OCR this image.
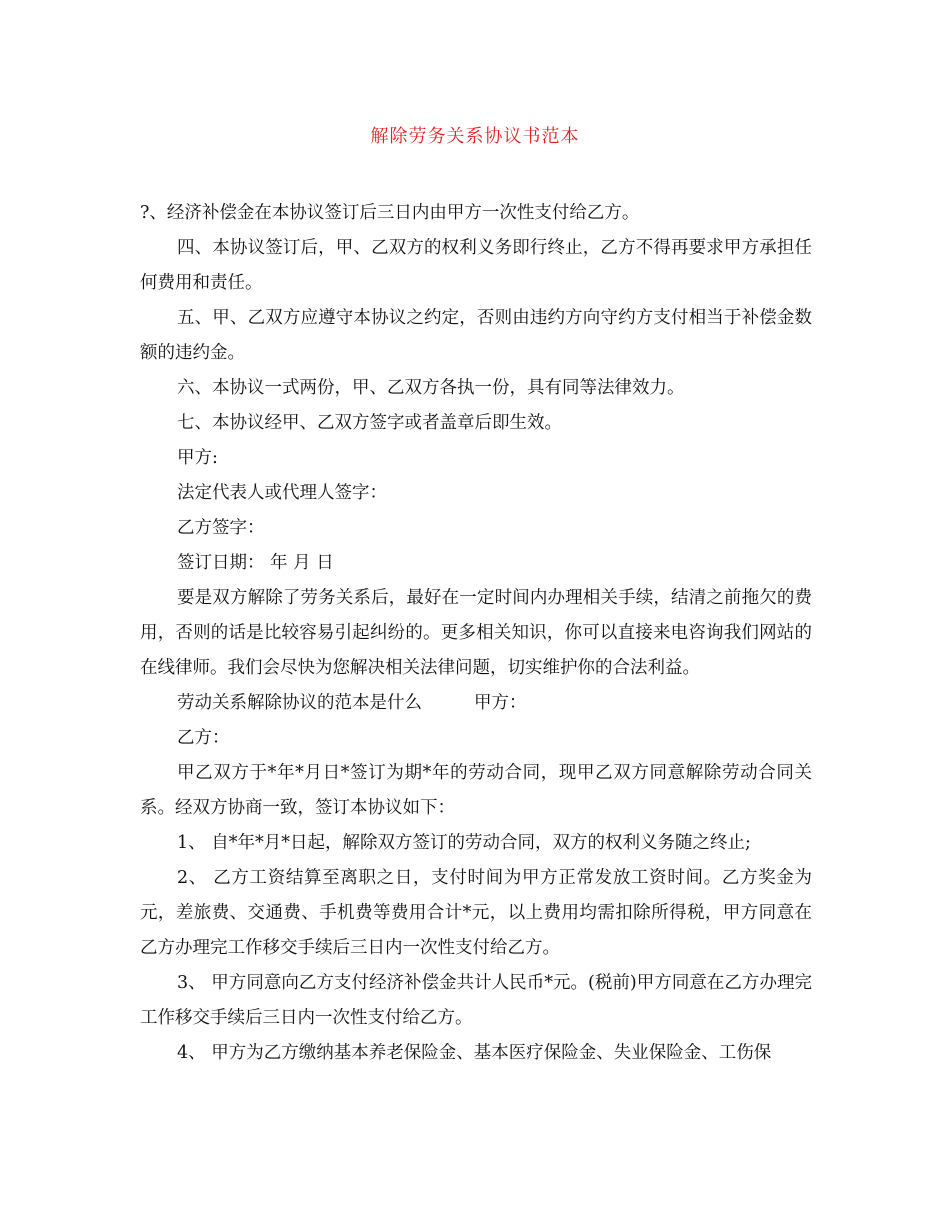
解除劳务关系协议书范本

?、经济补偿金在本协议签订后三日内由甲方一次性支付给乙方。

四、本协议签订后，甲、乙双方的权利义务即行终止，乙方不得再要求甲方承担任何费用和责任。

五、甲、乙双方应遵守本协议之约定，否则由违约方向守约方支付相当于补偿金数额的违约金。

六、本协议一式两份，甲、乙双方各执一份，具有同等法律效力。

七、本协议经甲、乙双方签字或者盖章后即生效。

甲方:

法定代表人或代理人签字：

乙方签字：

签订日期： 年 月 日

要是双方解除了劳务关系后，最好在一定时间内办理相关手续，结清之前拖欠的费用，否则的话是比较容易引起纠纷的。更多相关知识，你可以直接来电咨询我们网站的在线律师。我们会尽快为您解决相关法律问题，切实维护你的合法利益。

劳动关系解除协议的范本是什么	甲方：

乙方：

甲乙双方于*年*月日*签订为期*年的劳动合同，现甲乙双方同意解除劳动合同关系。经双方协商一致，签订本协议如下：

1、 自*年*月*日起，解除双方签订的劳动合同，双方的权利义务随之终止;

2、 乙方工资结算至离职之日，支付时间为甲方正常发放工资时间。乙方奖金为元，差旅费、交通费、手机费等费用合计*元，以上费用均需扣除所得税，甲方同意在乙方办理完工作移交手续后三日内一次性支付给乙方。

3、 甲方同意向乙方支付经济补偿金共计人民币*元。(税前)甲方同意在乙方办理完工作移交手续后三日内一次性支付给乙方。

4、 甲方为乙方缴纳基本养老保险金、基本医疗保险金、失业保险金、工伤保
